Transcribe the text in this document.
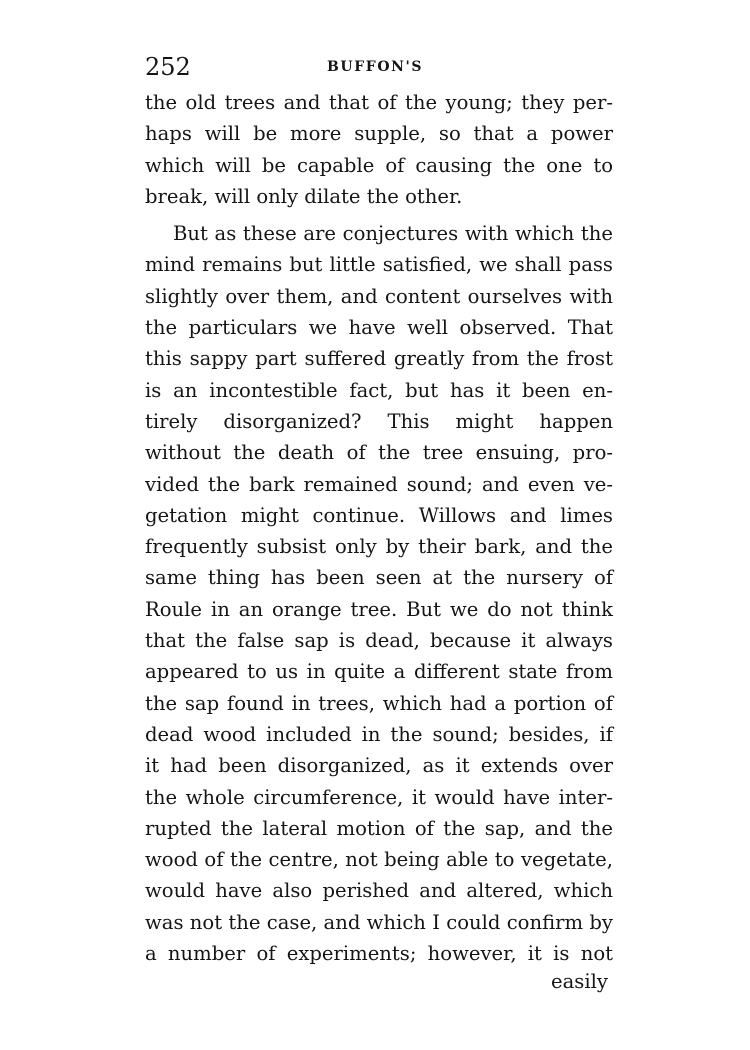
252	BUFFON'S
the old trees and that of the young; they per-
haps will be more supple, so that a power
which will be capable of causing the one to
break, will only dilate the other.
But as these are conjectures with which the
mind remains but little satisfied, we shall pass
slightly over them, and content ourselves with
the particulars we have well observed. That
this sappy part suffered greatly from the frost
is an incontestible fact, but has it been en-
tirely disorganized? This might happen
without the death of the tree ensuing, pro-
vided the bark remained sound; and even ve-
getation might continue. Willows and limes
frequently subsist only by their bark, and the
same thing has been seen at the nursery of
Roule in an orange tree. But we do not think
that the false sap is dead, because it always
appeared to us in quite a different state from
the sap found in trees, which had a portion of
dead wood included in the sound; besides, if
it had been disorganized, as it extends over
the whole circumference, it would have inter-
rupted the lateral motion of the sap, and the
wood of the centre, not being able to vegetate,
would have also perished and altered, which
was not the case, and which I could confirm by
a number of experiments; however, it is not
easily
